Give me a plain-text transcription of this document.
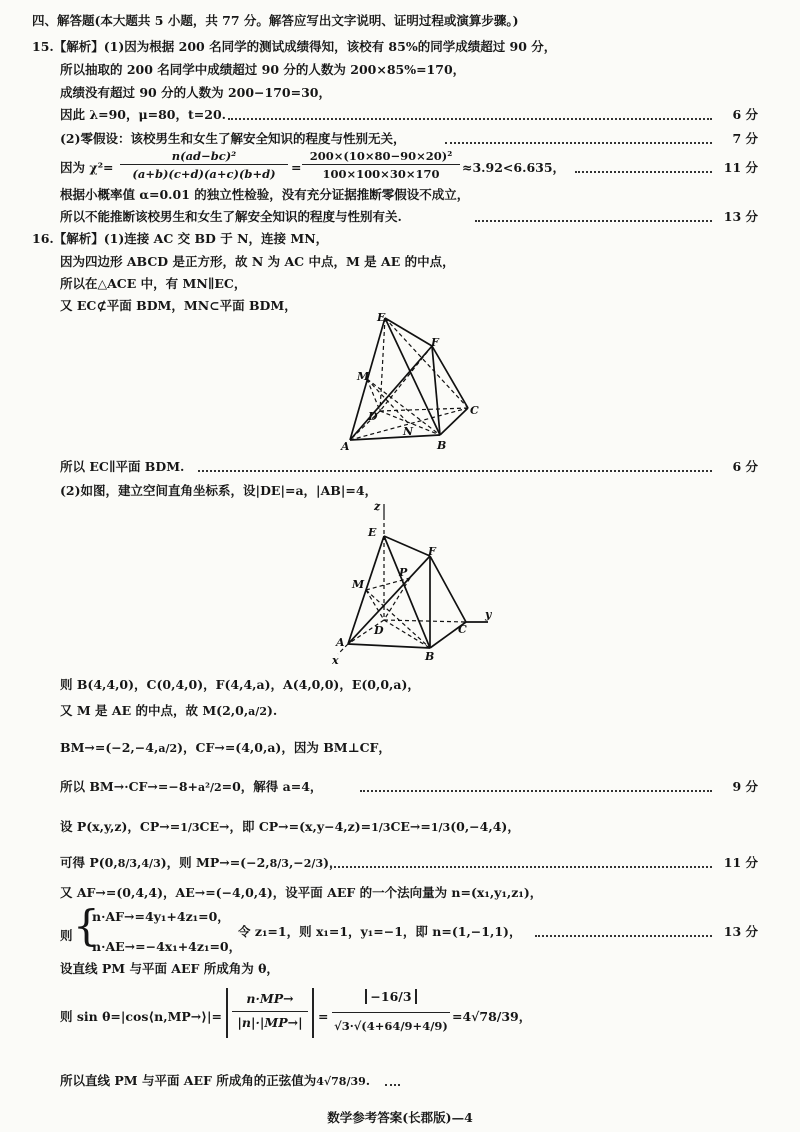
四、解答题(本大题共 5 小题，共 77 分。解答应写出文字说明、证明过程或演算步骤。)
15.【解析】(1)因为根据 200 名同学的测试成绩得知，该校有 85%的同学成绩超过 90 分，
所以抽取的 200 名同学中成绩超过 90 分的人数为 200×85%=170，
成绩没有超过 90 分的人数为 200−170=30，
因此 λ=90，μ=80，t=20.	6 分
(2)零假设：该校男生和女生了解安全知识的程度与性别无关，	7 分
因为 χ²=
n(ad−bc)²
(a+b)(c+d)(a+c)(b+d)	=
200×(10×80−90×20)²
100×100×30×170	≈3.92<6.635，	11 分
根据小概率值 α=0.01 的独立性检验，没有充分证据推断零假设不成立，
所以不能推断该校男生和女生了解安全知识的程度与性别有关.	13 分
16.【解析】(1)连接 AC 交 BD 于 N，连接 MN，
因为四边形 ABCD 是正方形，故 N 为 AC 中点，M 是 AE 的中点，
所以在△ACE 中，有 MN∥EC，
又 EC⊄平面 BDM，MN⊂平面 BDM，
E
F
M
D	C
N
A	B
所以 EC∥平面 BDM.	6 分
(2)如图，建立空间直角坐标系，设|DE|=a，|AB|=4，
z
E
F
P
M
D	C
A
B
x
y
则 B(4,4,0)，C(0,4,0)，F(4,4,a)，A(4,0,0)，E(0,0,a)，
又 M 是 AE 的中点，故 M(2,0,a/2).
BM→=(−2,−4,a/2)，CF→=(4,0,a)，因为 BM⊥CF，
所以 BM→·CF→=−8+a²/2=0，解得 a=4，	9 分
设 P(x,y,z)，CP→=1/3CE→，即 CP→=(x,y−4,z)=1/3CE→=1/3(0,−4,4)，
可得 P(0,8/3,4/3)，则 MP→=(−2,8/3,−2/3)，	11 分
又 AF→=(0,4,4)，AE→=(−4,0,4)，设平面 AEF 的一个法向量为 n=(x₁,y₁,z₁)，
则 {
n·AF→=4y₁+4z₁=0，
n·AE→=−4x₁+4z₁=0，
令 z₁=1，则 x₁=1，y₁=−1，即 n=(1,−1,1)，	13 分
设直线 PM 与平面 AEF 所成角为 θ，
则 sin θ=|cos⟨n,MP→⟩|=
n·MP→
|n|·|MP→|	=
−16/3
√3·√(4+64/9+4/9)
=4√78/39，
所以直线 PM 与平面 AEF 所成角的正弦值为4√78/39.
数学参考答案(长郡版)—4
